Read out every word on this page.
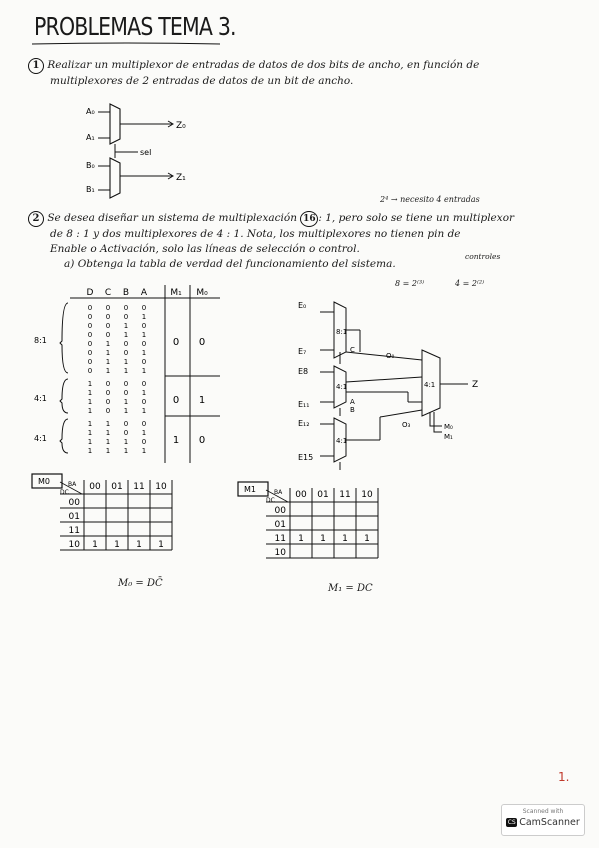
PROBLEMAS TEMA 3.
1 Realizar un multiplexor de entradas de datos de dos bits de ancho, en función de
multiplexores de 2 entradas de datos de un bit de ancho.
A₀
A₁
B₀
B₁
Z₀
Z₁
sel
2⁴ → necesito 4 entradas
2 Se desea diseñar un sistema de multiplexación 16 : 1, pero solo se tiene un multiplexor
de 8 : 1 y dos multiplexores de 4 : 1. Nota, los multiplexores no tienen pin de
Enable o Activación, solo las líneas de selección o control.
a) Obtenga la tabla de verdad del funcionamiento del sistema.
controles
8 = 2⁽³⁾	4 = 2⁽²⁾
D C B A	M₁ M₀
0 0 0 0
0 0 0 1
0 0 1 0
0 0 1 1
0 1 0 0
0 1 0 1
0 1 1 0
0 1 1 1
8:1	0 0
1 0 0 0
1 0 0 1
1 0 1 0
1 0 1 1
4:1	0 1
1 1 0 0
1 1 0 1
1 1 1 0
1 1 1 1
4:1	1 0
E₀
E₇
E8
E₁₁
E₁₂
E15
8:1
4:1
4:1
4:1
C
A
B
O₀
O₃
Z
M₀
M₁
M0	BA
DC
00 01 11 10
00
01
11
10 1 1 1 1
M₀ = DC̄
M1	BA
DC
00 01 11 10
00
01
11 1 1 1 1
10
M₁ = DC
1.
Scanned with
CS CamScanner
